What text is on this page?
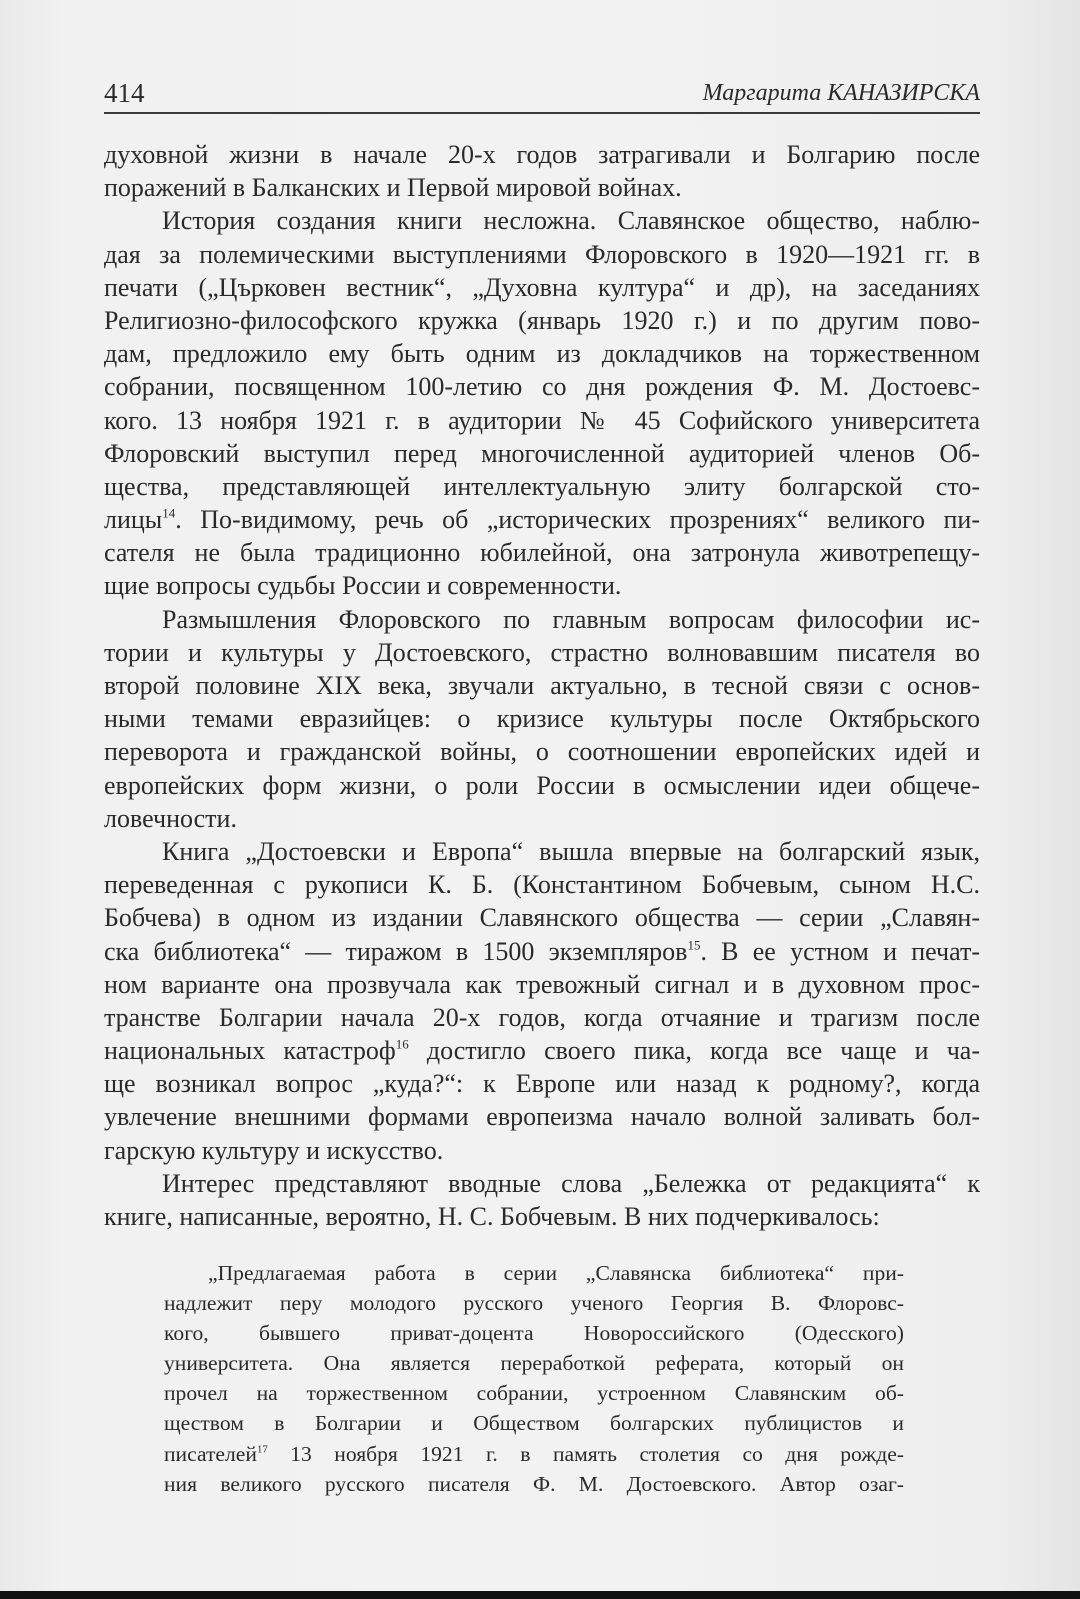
414	Маргарита КАНАЗИРСКА
духовной жизни в начале 20-х годов затрагивали и Болгарию после
поражений в Балканских и Первой мировой войнах.
История создания книги несложна. Славянское общество, наблю-
дая за полемическими выступлениями Флоровского в 1920—1921 гг. в
печати („Църковен вестник“, „Духовна култура“ и др), на заседаниях
Религиозно-философского кружка (январь 1920 г.) и по другим пово-
дам, предложило ему быть одним из докладчиков на торжественном
собрании, посвященном 100-летию со дня рождения Ф. М. Достоевс-
кого. 13 ноября 1921 г. в аудитории № 45 Софийского университета
Флоровский выступил перед многочисленной аудиторией членов Об-
щества, представляющей интеллектуальную элиту болгарской сто-
лицы$^{14}$. По-видимому, речь об „исторических прозрениях“ великого пи-
сателя не была традиционно юбилейной, она затронула животрепещу-
щие вопросы судьбы России и современности.
Размышления Флоровского по главным вопросам философии ис-
тории и культуры у Достоевского, страстно волновавшим писателя во
второй половине XIX века, звучали актуально, в тесной связи с основ-
ными темами евразийцев: о кризисе культуры после Октябрьского
переворота и гражданской войны, о соотношении европейских идей и
европейских форм жизни, о роли России в осмыслении идеи общече-
ловечности.
Книга „Достоевски и Европа“ вышла впервые на болгарский язык,
переведенная с рукописи К. Б. (Константином Бобчевым, сыном Н.С.
Бобчева) в одном из издании Славянского общества — серии „Славян-
ска библиотека“ — тиражом в 1500 экземпляров$^{15}$. В ее устном и печат-
ном варианте она прозвучала как тревожный сигнал и в духовном прос-
транстве Болгарии начала 20-х годов, когда отчаяние и трагизм после
национальных катастроф$^{16}$ достигло своего пика, когда все чаще и ча-
ще возникал вопрос „куда?“: к Европе или назад к родному?, когда
увлечение внешними формами европеизма начало волной заливать бол-
гарскую культуру и искусство.
Интерес представляют вводные слова „Бележка от редакцията“ к
книге, написанные, вероятно, Н. С. Бобчевым. В них подчеркивалось:
„Предлагаемая работа в серии „Славянска библиотека“ при-
надлежит перу молодого русского ученого Георгия В. Флоровс-
кого, бывшего приват-доцента Новороссийского (Одесского)
университета. Она является переработкой реферата, который он
прочел на торжественном собрании, устроенном Славянским об-
ществом в Болгарии и Обществом болгарских публицистов и
писателей$^{17}$ 13 ноября 1921 г. в память столетия со дня рожде-
ния великого русского писателя Ф. М. Достоевского. Автор озаг-
